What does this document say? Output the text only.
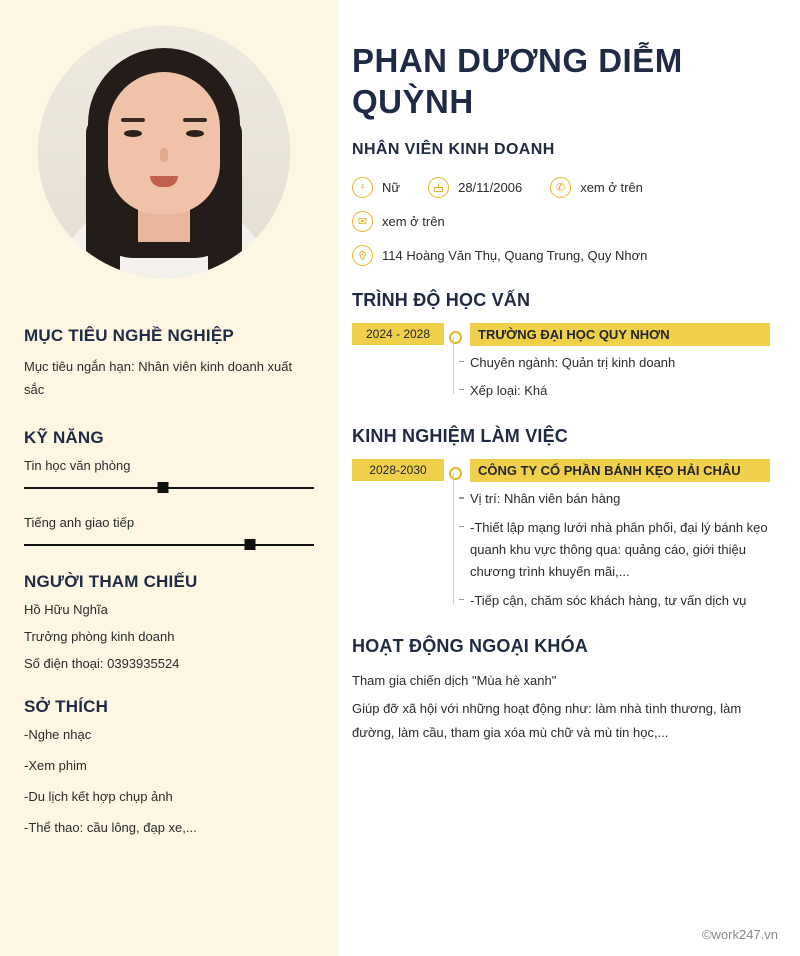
MỤC TIÊU NGHỀ NGHIỆP

Mục tiêu ngắn hạn: Nhân viên kinh doanh xuất sắc

KỸ NĂNG

Tin học văn phòng

Tiếng anh giao tiếp

NGƯỜI THAM CHIẾU

Hồ Hữu Nghĩa

Trưởng phòng kinh doanh

Số điện thoại: 0393935524

SỞ THÍCH

-Nghe nhạc

-Xem phim

-Du lịch kết hợp chụp ảnh

-Thể thao: cầu lông, đạp xe,...

PHAN DƯƠNG DIỄM QUỲNH
NHÂN VIÊN KINH DOANH
♀	Nữ	28/11/2006	✆	xem ở trên
✉	xem ở trên
114 Hoàng Văn Thụ, Quang Trung, Quy Nhơn
TRÌNH ĐỘ HỌC VẤN
2024 - 2028	TRƯỜNG ĐẠI HỌC QUY NHƠN
Chuyên ngành: Quản trị kinh doanh
Xếp loại: Khá
KINH NGHIỆM LÀM VIỆC
2028-2030	CÔNG TY CỔ PHẦN BÁNH KẸO HẢI CHÂU
Vị trí: Nhân viên bán hàng
-Thiết lập mạng lưới nhà phân phối, đại lý bánh kẹo quanh khu vực thông qua: quảng cáo, giới thiệu chương trình khuyến mãi,...
-Tiếp cận, chăm sóc khách hàng, tư vấn dịch vụ
HOẠT ĐỘNG NGOẠI KHÓA

Tham gia chiến dịch "Mùa hè xanh"

Giúp đỡ xã hội với những hoạt động như: làm nhà tình thương, làm đường, làm cầu, tham gia xóa mù chữ và mù tin học,...

©work247.vn
